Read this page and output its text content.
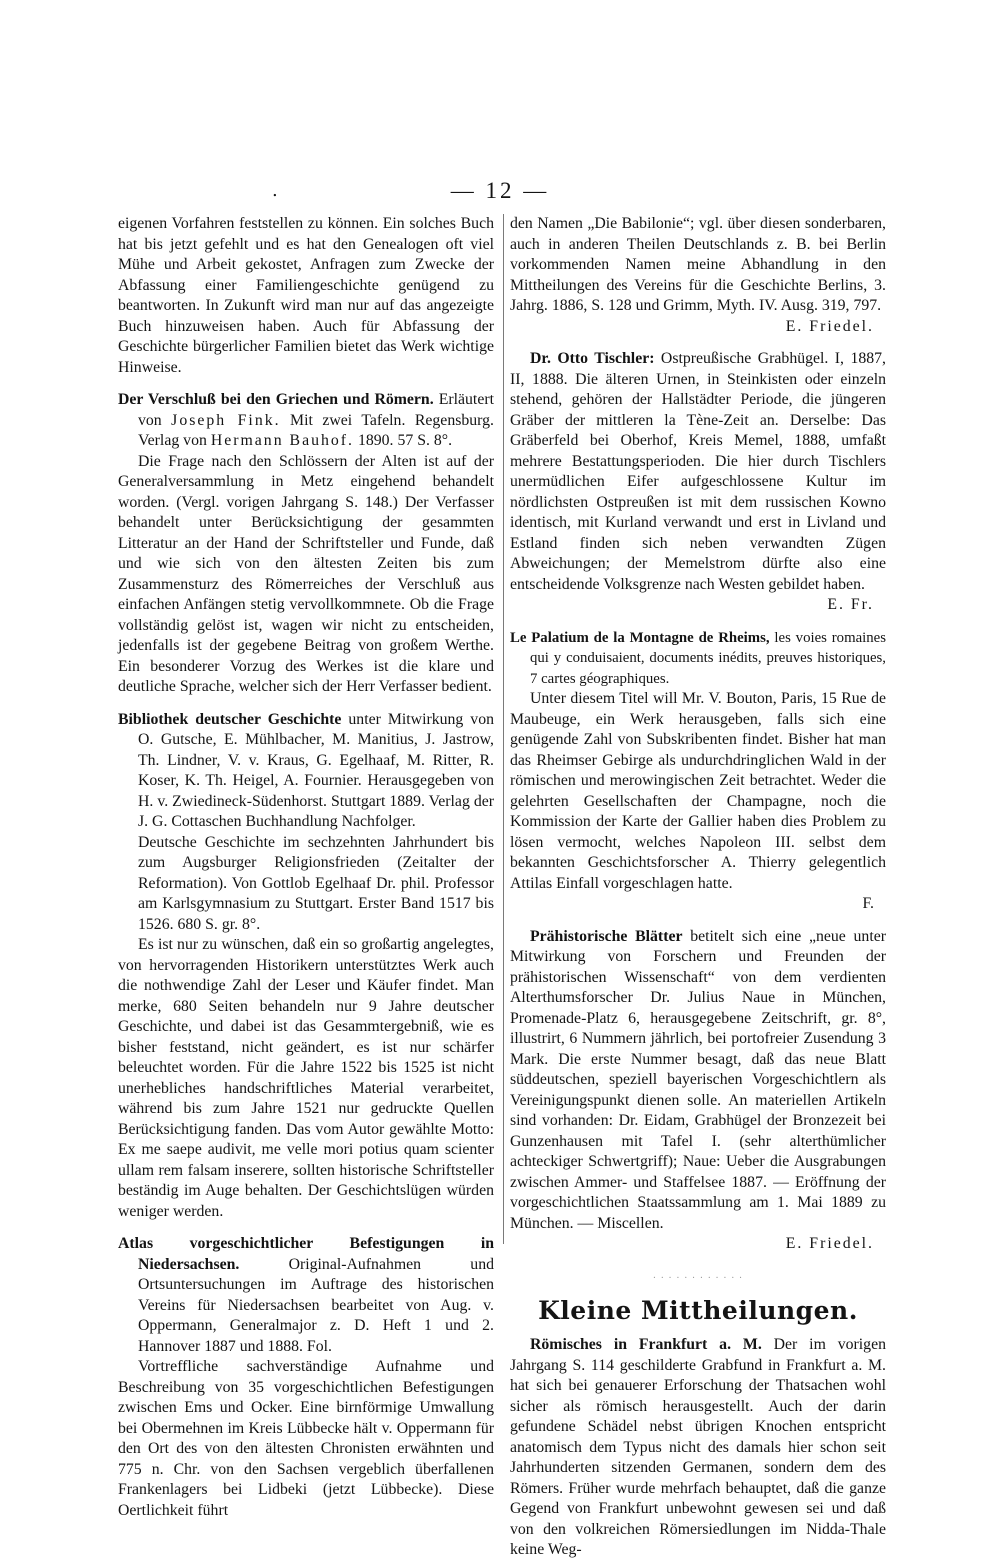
.	— 12 —

eigenen Vorfahren feststellen zu können. Ein solches Buch hat bis jetzt gefehlt und es hat den Genealogen oft viel Mühe und Arbeit gekostet, Anfragen zum Zwecke der Abfassung einer Familiengeschichte genügend zu beantworten. In Zukunft wird man nur auf das angezeigte Buch hinzuweisen haben. Auch für Abfassung der Geschichte bürgerlicher Familien bietet das Werk wichtige Hinweise.

Der Verschluß bei den Griechen und Römern. Erläutert von Joseph Fink. Mit zwei Tafeln. Regensburg. Verlag von Hermann Bauhof. 1890. 57 S. 8°.

Die Frage nach den Schlössern der Alten ist auf der Generalversammlung in Metz eingehend behandelt worden. (Vergl. vorigen Jahrgang S. 148.) Der Verfasser behandelt unter Berücksichtigung der gesammten Litteratur an der Hand der Schriftsteller und Funde, daß und wie sich von den ältesten Zeiten bis zum Zusammensturz des Römerreiches der Verschluß aus einfachen Anfängen stetig vervollkommnete. Ob die Frage vollständig gelöst ist, wagen wir nicht zu entscheiden, jedenfalls ist der gegebene Beitrag von großem Werthe. Ein besonderer Vorzug des Werkes ist die klare und deutliche Sprache, welcher sich der Herr Verfasser bedient.

Bibliothek deutscher Geschichte unter Mitwirkung von O. Gutsche, E. Mühlbacher, M. Manitius, J. Jastrow, Th. Lindner, V. v. Kraus, G. Egelhaaf, M. Ritter, R. Koser, K. Th. Heigel, A. Fournier. Herausgegeben von H. v. Zwiedineck-Südenhorst. Stuttgart 1889. Verlag der J. G. Cottaschen Buchhandlung Nachfolger.

Deutsche Geschichte im sechzehnten Jahrhundert bis zum Augsburger Religionsfrieden (Zeitalter der Reformation). Von Gottlob Egelhaaf Dr. phil. Professor am Karlsgymnasium zu Stuttgart. Erster Band 1517 bis 1526. 680 S. gr. 8°.

Es ist nur zu wünschen, daß ein so großartig angelegtes, von hervorragenden Historikern unterstütztes Werk auch die nothwendige Zahl der Leser und Käufer findet. Man merke, 680 Seiten behandeln nur 9 Jahre deutscher Geschichte, und dabei ist das Gesammtergebniß, wie es bisher feststand, nicht geändert, es ist nur schärfer beleuchtet worden. Für die Jahre 1522 bis 1525 ist nicht unerhebliches handschriftliches Material verarbeitet, während bis zum Jahre 1521 nur gedruckte Quellen Berücksichtigung fanden. Das vom Autor gewählte Motto: Ex me saepe audivit, me velle mori potius quam scienter ullam rem falsam inserere, sollten historische Schriftsteller beständig im Auge behalten. Der Geschichtslügen würden weniger werden.

Atlas vorgeschichtlicher Befestigungen in Niedersachsen. Original-Aufnahmen und Ortsuntersuchungen im Auftrage des historischen Vereins für Niedersachsen bearbeitet von Aug. v. Oppermann, Generalmajor z. D. Heft 1 und 2. Hannover 1887 und 1888. Fol.

Vortreffliche sachverständige Aufnahme und Beschreibung von 35 vorgeschichtlichen Befestigungen zwischen Ems und Ocker. Eine birnförmige Umwallung bei Obermehnen im Kreis Lübbecke hält v. Oppermann für den Ort des von den ältesten Chronisten erwähnten und 775 n. Chr. von den Sachsen vergeblich überfallenen Frankenlagers bei Lidbeki (jetzt Lübbecke). Diese Oertlichkeit führt

den Namen „Die Babilonie“; vgl. über diesen sonderbaren, auch in anderen Theilen Deutschlands z. B. bei Berlin vorkommenden Namen meine Abhandlung in den Mittheilungen des Vereins für die Geschichte Berlins, 3. Jahrg. 1886, S. 128 und Grimm, Myth. IV. Ausg. 319, 797.

E. Friedel.

Dr. Otto Tischler: Ostpreußische Grabhügel. I, 1887, II, 1888. Die älteren Urnen, in Steinkisten oder einzeln stehend, gehören der Hallstädter Periode, die jüngeren Gräber der mittleren la Tène-Zeit an. Derselbe: Das Gräberfeld bei Oberhof, Kreis Memel, 1888, umfaßt mehrere Bestattungsperioden. Die hier durch Tischlers unermüdlichen Eifer aufgeschlossene Kultur im nördlichsten Ostpreußen ist mit dem russischen Kowno identisch, mit Kurland verwandt und erst in Livland und Estland finden sich neben verwandten Zügen Abweichungen; der Memelstrom dürfte also eine entscheidende Volksgrenze nach Westen gebildet haben.

E. Fr.

Le Palatium de la Montagne de Rheims, les voies romaines qui y conduisaient, documents inédits, preuves historiques, 7 cartes géographiques.

Unter diesem Titel will Mr. V. Bouton, Paris, 15 Rue de Maubeuge, ein Werk herausgeben, falls sich eine genügende Zahl von Subskribenten findet. Bisher hat man das Rheimser Gebirge als undurchdringlichen Wald in der römischen und merowingischen Zeit betrachtet. Weder die gelehrten Gesellschaften der Champagne, noch die Kommission der Karte der Gallier haben dies Problem zu lösen vermocht, welches Napoleon III. selbst dem bekannten Geschichtsforscher A. Thierry gelegentlich Attilas Einfall vorgeschlagen hatte.

F.

Prähistorische Blätter betitelt sich eine „neue unter Mitwirkung von Forschern und Freunden der prähistorischen Wissenschaft“ von dem verdienten Alterthumsforscher Dr. Julius Naue in München, Promenade-Platz 6, herausgegebene Zeitschrift, gr. 8°, illustrirt, 6 Nummern jährlich, bei portofreier Zusendung 3 Mark. Die erste Nummer besagt, daß das neue Blatt süddeutschen, speziell bayerischen Vorgeschichtlern als Vereinigungspunkt dienen solle. An materiellen Artikeln sind vorhanden: Dr. Eidam, Grabhügel der Bronzezeit bei Gunzenhausen mit Tafel I. (sehr alterthümlicher achteckiger Schwertgriff); Naue: Ueber die Ausgrabungen zwischen Ammer- und Staffelsee 1887. — Eröffnung der vorgeschichtlichen Staatssammlung am 1. Mai 1889 zu München. — Miscellen.

E. Friedel.

· · · · · · · · · · · ·
Kleine Mittheilungen.

Römisches in Frankfurt a. M. Der im vorigen Jahrgang S. 114 geschilderte Grabfund in Frankfurt a. M. hat sich bei genauerer Erforschung der Thatsachen wohl sicher als römisch herausgestellt. Auch der darin gefundene Schädel nebst übrigen Knochen entspricht anatomisch dem Typus nicht des damals hier schon seit Jahrhunderten sitzenden Germanen, sondern dem des Römers. Früher wurde mehrfach behauptet, daß die ganze Gegend von Frankfurt unbewohnt gewesen sei und daß von den volkreichen Römersiedlungen im Nidda-Thale keine Weg-
